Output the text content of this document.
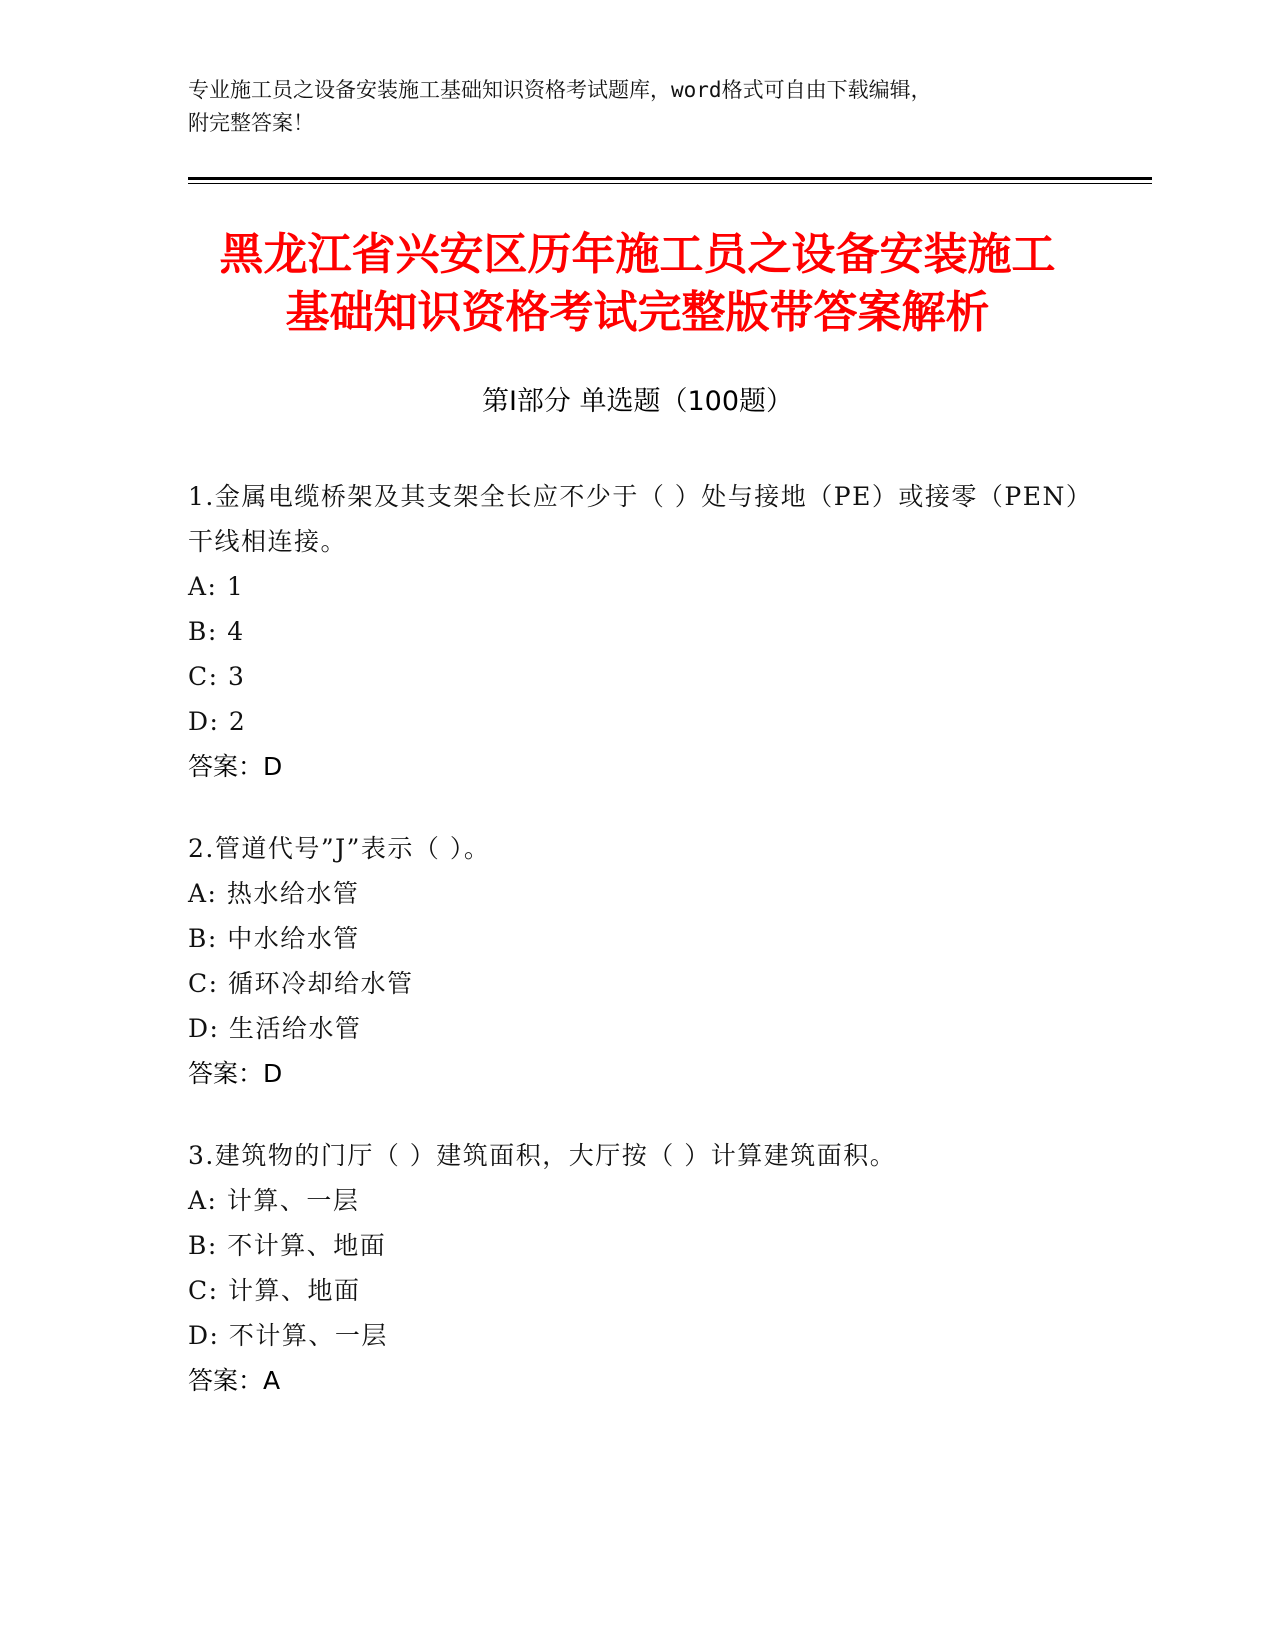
专业施工员之设备安装施工基础知识资格考试题库，word格式可自由下载编辑，
附完整答案！
黑龙江省兴安区历年施工员之设备安装施工
基础知识资格考试完整版带答案解析
第Ⅰ部分 单选题（100题）
1.金属电缆桥架及其支架全长应不少于（ ）处与接地（PE）或接零（PEN）干线相连接。
A: 1
B: 4
C: 3
D: 2
答案：D
2.管道代号”J”表示（ ）。
A: 热水给水管
B: 中水给水管
C: 循环冷却给水管
D: 生活给水管
答案：D
3.建筑物的门厅（ ）建筑面积，大厅按（ ）计算建筑面积。
A: 计算、一层
B: 不计算、地面
C: 计算、地面
D: 不计算、一层
答案：A
